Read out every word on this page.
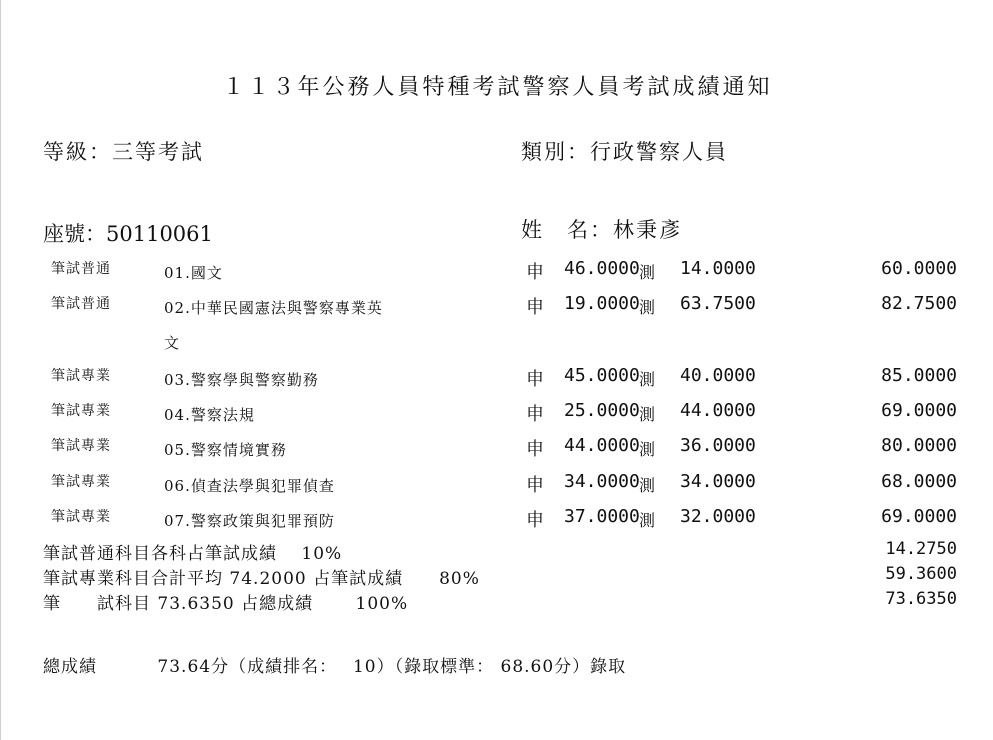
１１３年公務人員特種考試警察人員考試成績通知
等級：三等考試	類別：行政警察人員
座號：50110061	姓　名：林秉彥
筆試普通	01.國文	申 46.0000 測 14.0000	60.0000
筆試普通	02.中華民國憲法與警察專業英	申 19.0000 測 63.7500	82.7500
文
筆試專業	03.警察學與警察勤務	申 45.0000 測 40.0000	85.0000
筆試專業	04.警察法規	申 25.0000 測 44.0000	69.0000
筆試專業	05.警察情境實務	申 44.0000 測 36.0000	80.0000
筆試專業	06.偵查法學與犯罪偵查	申 34.0000 測 34.0000	68.0000
筆試專業	07.警察政策與犯罪預防	申 37.0000 測 32.0000	69.0000
筆試普通科目各科占筆試成績　 10%	14.2750
筆試專業科目合計平均 74.2000 占筆試成績　　80%	59.3600
筆　　試科目 73.6350 占總成績　　 100%	73.6350
總成績　　　 73.64分（成績排名：　 10）（錄取標準： 68.60分）錄取
